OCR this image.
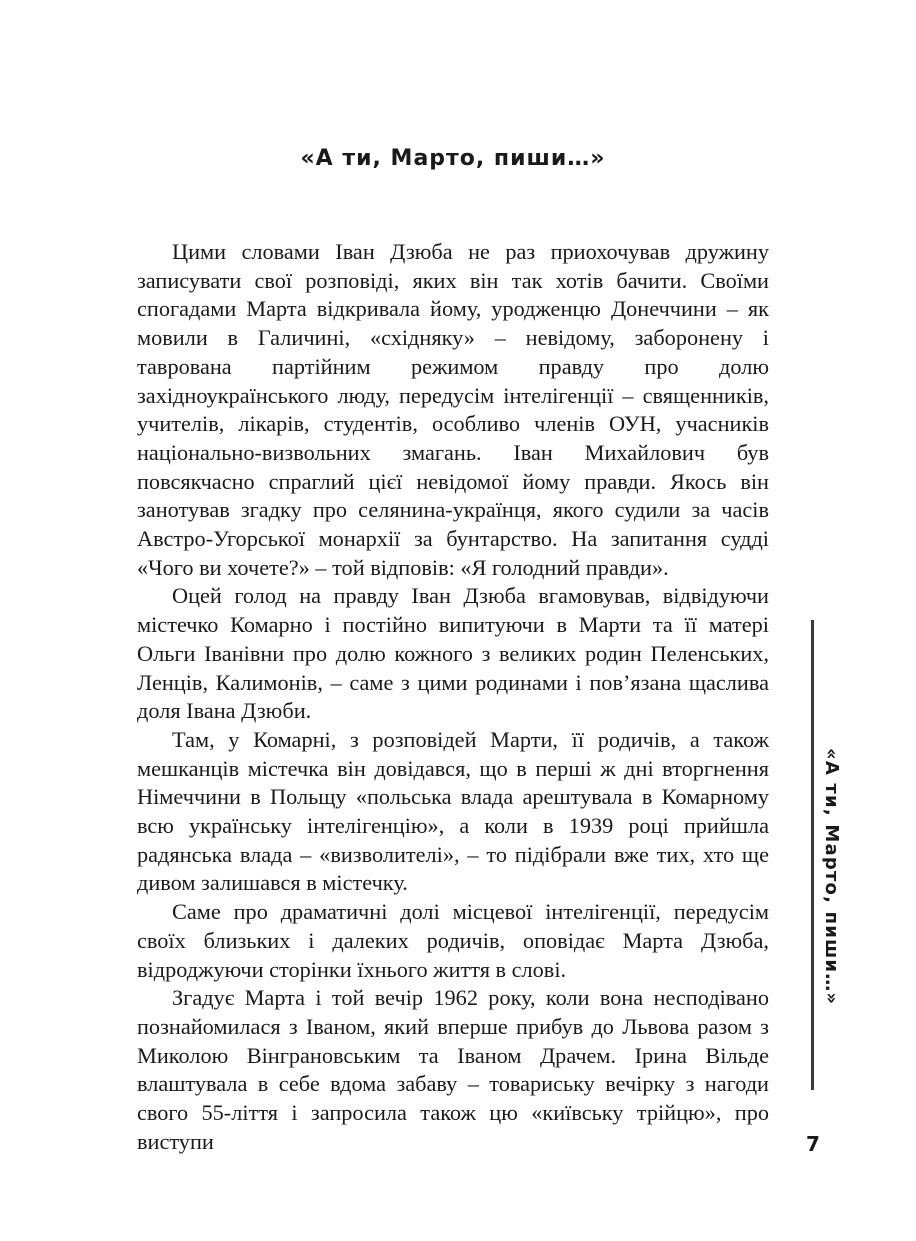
«А ти, Марто, пиши…»

Цими словами Іван Дзюба не раз приохочував дружину записувати свої розповіді, яких він так хотів бачити. Своїми спогадами Марта відкривала йому, уродженцю Донеччини – як мовили в Галичині, «східняку» – невідому, заборонену і таврована партійним режимом правду про долю західноукраїнського люду, передусім інтелігенції – священників, учителів, лікарів, студентів, особливо членів ОУН, учасників національно-визвольних змагань. Іван Михайлович був повсякчасно спраглий цієї невідомої йому правди. Якось він занотував згадку про селянина-українця, якого судили за часів Австро-Угорської монархії за бунтарство. На запитання судді «Чого ви хочете?» – той відповів: «Я голодний правди».

Оцей голод на правду Іван Дзюба вгамовував, відвідуючи містечко Комарно і постійно випитуючи в Марти та її матері Ольги Іванівни про долю кожного з великих родин Пеленських, Ленців, Калимонів, – саме з цими родинами і пов’язана щаслива доля Івана Дзюби.

Там, у Комарні, з розповідей Марти, її родичів, а також мешканців містечка він довідався, що в перші ж дні вторгнення Німеччини в Польщу «польська влада арештувала в Комарному всю українську інтелігенцію», а коли в 1939 році прийшла радянська влада – «визволителі», – то підібрали вже тих, хто ще дивом залишався в містечку.

Саме про драматичні долі місцевої інтелігенції, передусім своїх близьких і далеких родичів, оповідає Марта Дзюба, відроджуючи сторінки їхнього життя в слові.

Згадує Марта і той вечір 1962 року, коли вона несподівано познайомилася з Іваном, який вперше прибув до Львова разом з Миколою Вінграновським та Іваном Драчем. Ірина Вільде влаштувала в себе вдома забаву – товариську вечірку з нагоди свого 55-ліття і запросила також цю «київську трійцю», про виступи

«А ти, Марто, пиши…»
7
